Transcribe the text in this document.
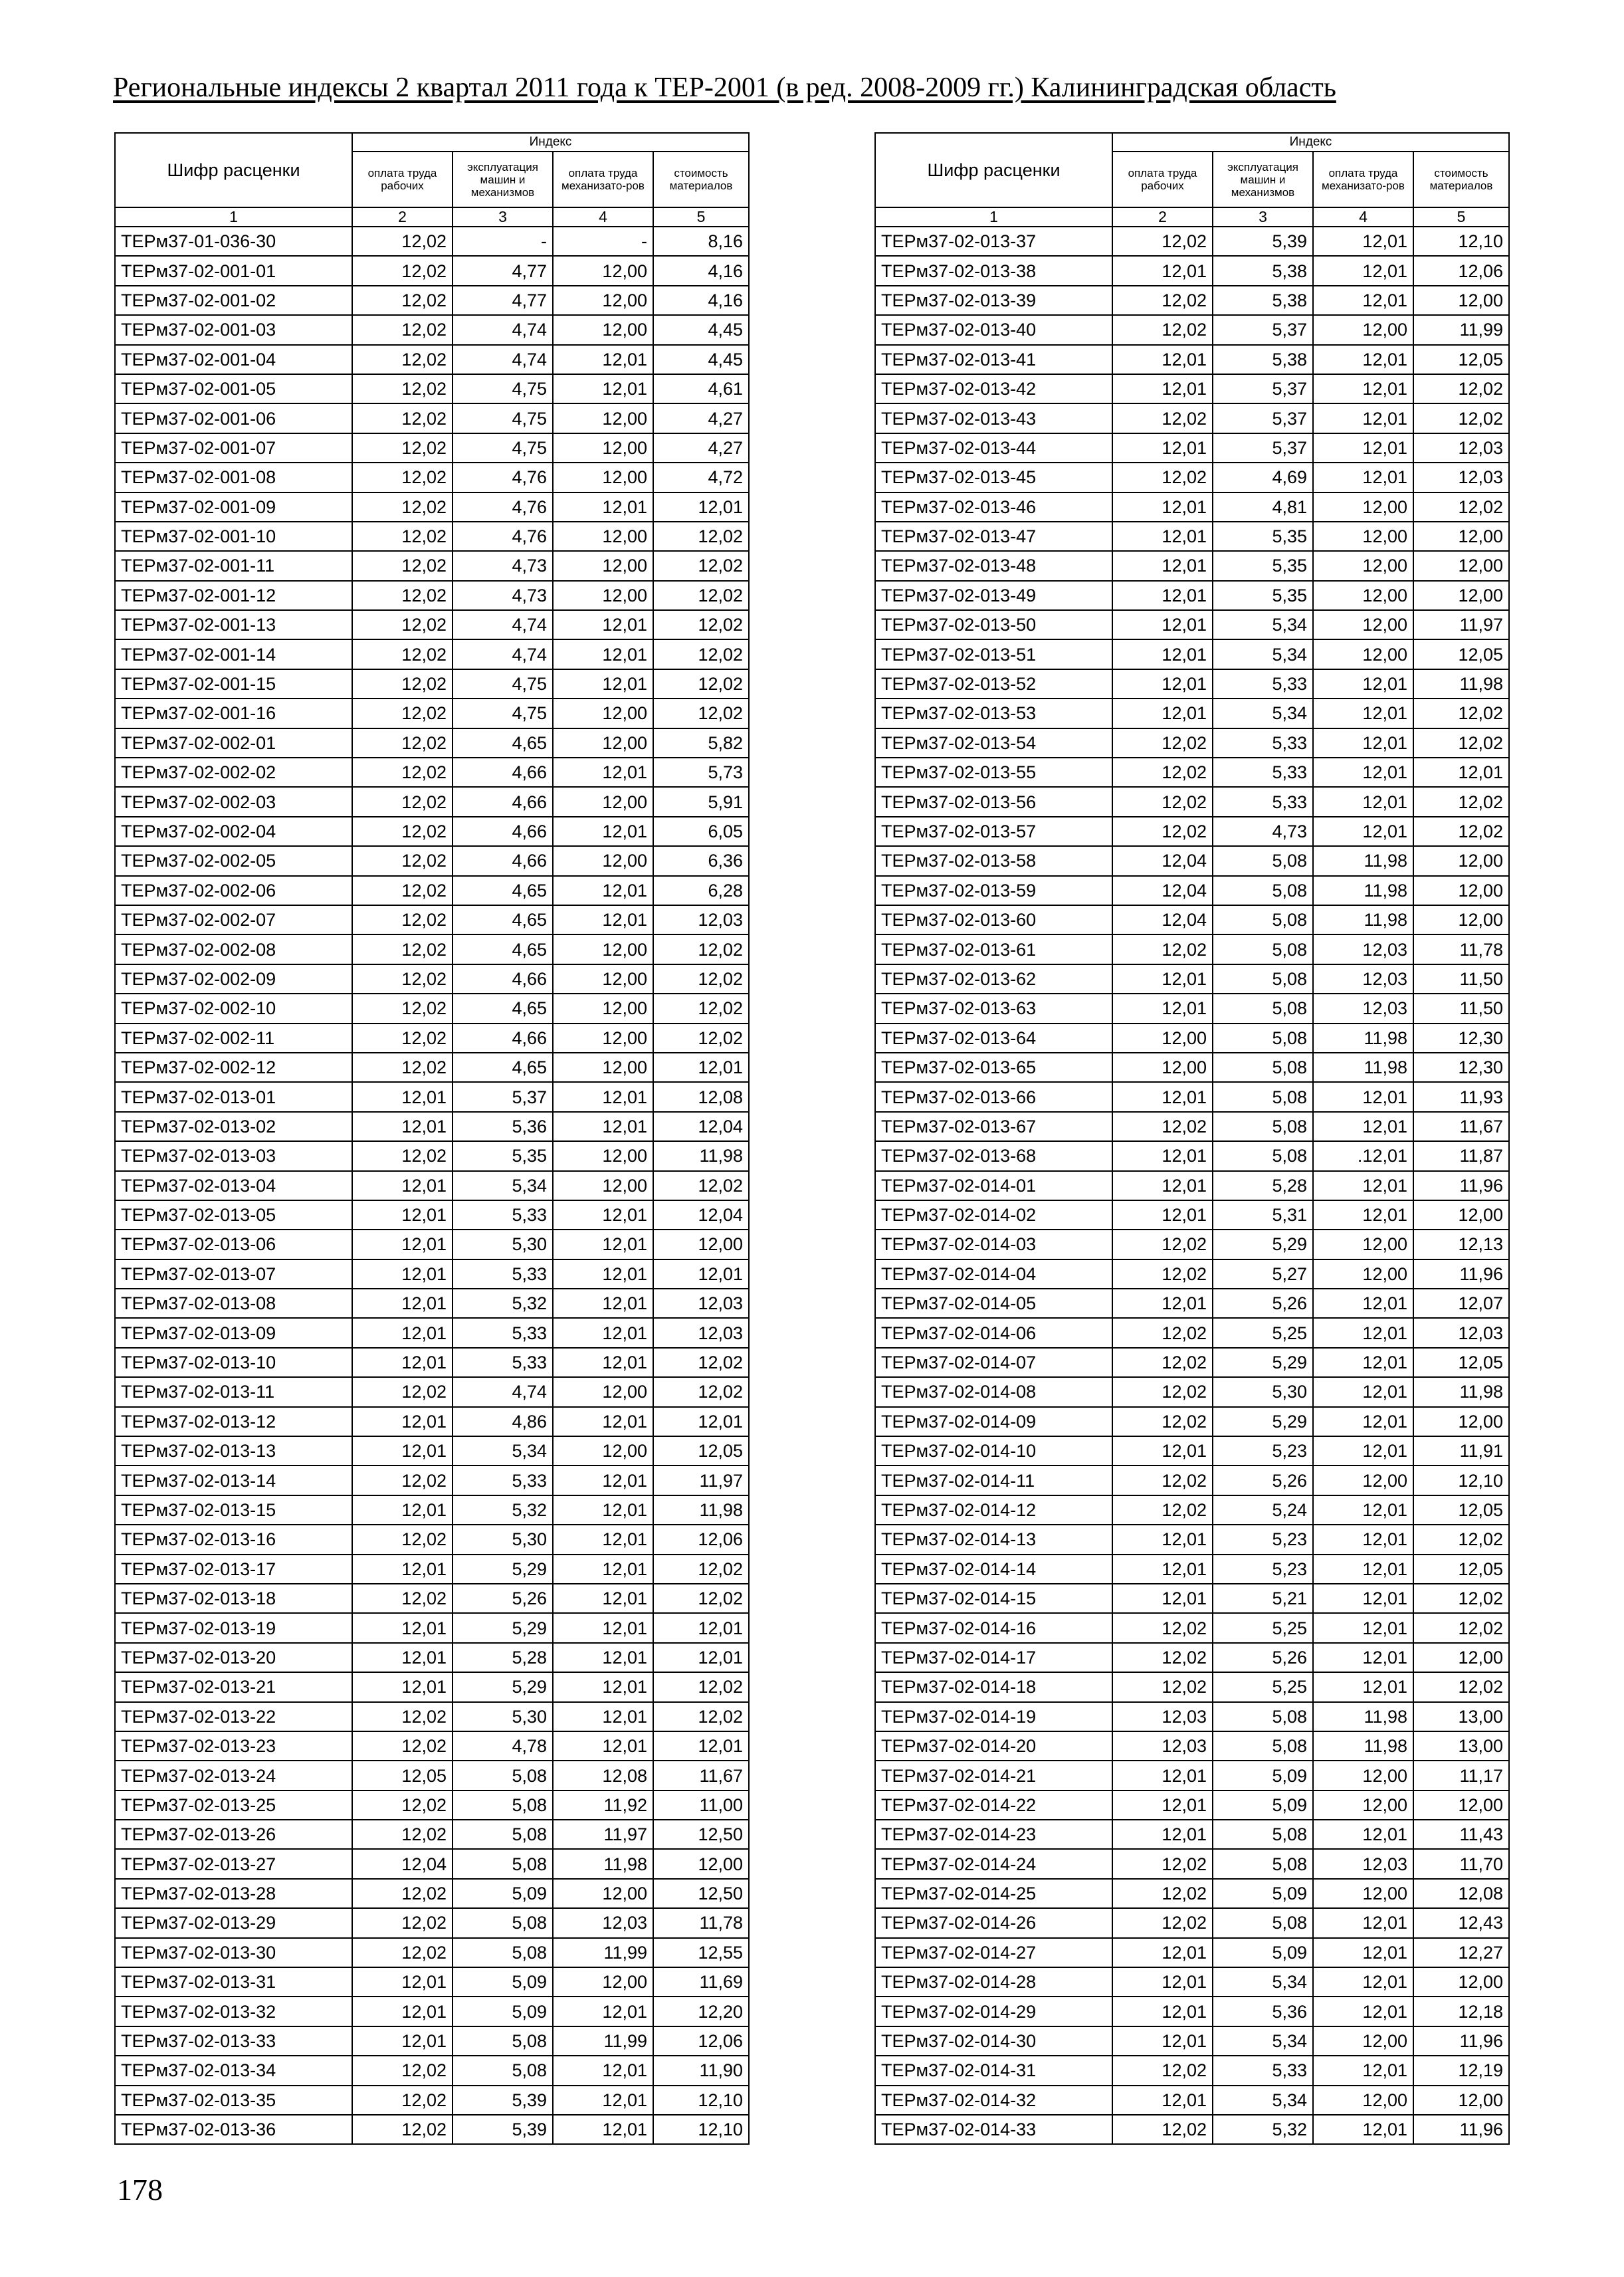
Региональные индексы 2 квартал 2011 года к ТЕР-2001 (в ред. 2008-2009 гг.) Калининградская область
Шифр расценки	Индекс			
	оплата труда рабочих	эксплуатация машин и механизмов	оплата труда механизато-ров	стоимость материалов
1	2	3	4	5
ТЕРм37-01-036-30	12,02	-	-	8,16
ТЕРм37-02-001-01	12,02	4,77	12,00	4,16
ТЕРм37-02-001-02	12,02	4,77	12,00	4,16
ТЕРм37-02-001-03	12,02	4,74	12,00	4,45
ТЕРм37-02-001-04	12,02	4,74	12,01	4,45
ТЕРм37-02-001-05	12,02	4,75	12,01	4,61
ТЕРм37-02-001-06	12,02	4,75	12,00	4,27
ТЕРм37-02-001-07	12,02	4,75	12,00	4,27
ТЕРм37-02-001-08	12,02	4,76	12,00	4,72
ТЕРм37-02-001-09	12,02	4,76	12,01	12,01
ТЕРм37-02-001-10	12,02	4,76	12,00	12,02
ТЕРм37-02-001-11	12,02	4,73	12,00	12,02
ТЕРм37-02-001-12	12,02	4,73	12,00	12,02
ТЕРм37-02-001-13	12,02	4,74	12,01	12,02
ТЕРм37-02-001-14	12,02	4,74	12,01	12,02
ТЕРм37-02-001-15	12,02	4,75	12,01	12,02
ТЕРм37-02-001-16	12,02	4,75	12,00	12,02
ТЕРм37-02-002-01	12,02	4,65	12,00	5,82
ТЕРм37-02-002-02	12,02	4,66	12,01	5,73
ТЕРм37-02-002-03	12,02	4,66	12,00	5,91
ТЕРм37-02-002-04	12,02	4,66	12,01	6,05
ТЕРм37-02-002-05	12,02	4,66	12,00	6,36
ТЕРм37-02-002-06	12,02	4,65	12,01	6,28
ТЕРм37-02-002-07	12,02	4,65	12,01	12,03
ТЕРм37-02-002-08	12,02	4,65	12,00	12,02
ТЕРм37-02-002-09	12,02	4,66	12,00	12,02
ТЕРм37-02-002-10	12,02	4,65	12,00	12,02
ТЕРм37-02-002-11	12,02	4,66	12,00	12,02
ТЕРм37-02-002-12	12,02	4,65	12,00	12,01
ТЕРм37-02-013-01	12,01	5,37	12,01	12,08
ТЕРм37-02-013-02	12,01	5,36	12,01	12,04
ТЕРм37-02-013-03	12,02	5,35	12,00	11,98
ТЕРм37-02-013-04	12,01	5,34	12,00	12,02
ТЕРм37-02-013-05	12,01	5,33	12,01	12,04
ТЕРм37-02-013-06	12,01	5,30	12,01	12,00
ТЕРм37-02-013-07	12,01	5,33	12,01	12,01
ТЕРм37-02-013-08	12,01	5,32	12,01	12,03
ТЕРм37-02-013-09	12,01	5,33	12,01	12,03
ТЕРм37-02-013-10	12,01	5,33	12,01	12,02
ТЕРм37-02-013-11	12,02	4,74	12,00	12,02
ТЕРм37-02-013-12	12,01	4,86	12,01	12,01
ТЕРм37-02-013-13	12,01	5,34	12,00	12,05
ТЕРм37-02-013-14	12,02	5,33	12,01	11,97
ТЕРм37-02-013-15	12,01	5,32	12,01	11,98
ТЕРм37-02-013-16	12,02	5,30	12,01	12,06
ТЕРм37-02-013-17	12,01	5,29	12,01	12,02
ТЕРм37-02-013-18	12,02	5,26	12,01	12,02
ТЕРм37-02-013-19	12,01	5,29	12,01	12,01
ТЕРм37-02-013-20	12,01	5,28	12,01	12,01
ТЕРм37-02-013-21	12,01	5,29	12,01	12,02
ТЕРм37-02-013-22	12,02	5,30	12,01	12,02
ТЕРм37-02-013-23	12,02	4,78	12,01	12,01
ТЕРм37-02-013-24	12,05	5,08	12,08	11,67
ТЕРм37-02-013-25	12,02	5,08	11,92	11,00
ТЕРм37-02-013-26	12,02	5,08	11,97	12,50
ТЕРм37-02-013-27	12,04	5,08	11,98	12,00
ТЕРм37-02-013-28	12,02	5,09	12,00	12,50
ТЕРм37-02-013-29	12,02	5,08	12,03	11,78
ТЕРм37-02-013-30	12,02	5,08	11,99	12,55
ТЕРм37-02-013-31	12,01	5,09	12,00	11,69
ТЕРм37-02-013-32	12,01	5,09	12,01	12,20
ТЕРм37-02-013-33	12,01	5,08	11,99	12,06
ТЕРм37-02-013-34	12,02	5,08	12,01	11,90
ТЕРм37-02-013-35	12,02	5,39	12,01	12,10
ТЕРм37-02-013-36	12,02	5,39	12,01	12,10
Шифр расценки	Индекс			
	оплата труда рабочих	эксплуатация машин и механизмов	оплата труда механизато-ров	стоимость материалов
1	2	3	4	5
ТЕРм37-02-013-37	12,02	5,39	12,01	12,10
ТЕРм37-02-013-38	12,01	5,38	12,01	12,06
ТЕРм37-02-013-39	12,02	5,38	12,01	12,00
ТЕРм37-02-013-40	12,02	5,37	12,00	11,99
ТЕРм37-02-013-41	12,01	5,38	12,01	12,05
ТЕРм37-02-013-42	12,01	5,37	12,01	12,02
ТЕРм37-02-013-43	12,02	5,37	12,01	12,02
ТЕРм37-02-013-44	12,01	5,37	12,01	12,03
ТЕРм37-02-013-45	12,02	4,69	12,01	12,03
ТЕРм37-02-013-46	12,01	4,81	12,00	12,02
ТЕРм37-02-013-47	12,01	5,35	12,00	12,00
ТЕРм37-02-013-48	12,01	5,35	12,00	12,00
ТЕРм37-02-013-49	12,01	5,35	12,00	12,00
ТЕРм37-02-013-50	12,01	5,34	12,00	11,97
ТЕРм37-02-013-51	12,01	5,34	12,00	12,05
ТЕРм37-02-013-52	12,01	5,33	12,01	11,98
ТЕРм37-02-013-53	12,01	5,34	12,01	12,02
ТЕРм37-02-013-54	12,02	5,33	12,01	12,02
ТЕРм37-02-013-55	12,02	5,33	12,01	12,01
ТЕРм37-02-013-56	12,02	5,33	12,01	12,02
ТЕРм37-02-013-57	12,02	4,73	12,01	12,02
ТЕРм37-02-013-58	12,04	5,08	11,98	12,00
ТЕРм37-02-013-59	12,04	5,08	11,98	12,00
ТЕРм37-02-013-60	12,04	5,08	11,98	12,00
ТЕРм37-02-013-61	12,02	5,08	12,03	11,78
ТЕРм37-02-013-62	12,01	5,08	12,03	11,50
ТЕРм37-02-013-63	12,01	5,08	12,03	11,50
ТЕРм37-02-013-64	12,00	5,08	11,98	12,30
ТЕРм37-02-013-65	12,00	5,08	11,98	12,30
ТЕРм37-02-013-66	12,01	5,08	12,01	11,93
ТЕРм37-02-013-67	12,02	5,08	12,01	11,67
ТЕРм37-02-013-68	12,01	5,08	.12,01	11,87
ТЕРм37-02-014-01	12,01	5,28	12,01	11,96
ТЕРм37-02-014-02	12,01	5,31	12,01	12,00
ТЕРм37-02-014-03	12,02	5,29	12,00	12,13
ТЕРм37-02-014-04	12,02	5,27	12,00	11,96
ТЕРм37-02-014-05	12,01	5,26	12,01	12,07
ТЕРм37-02-014-06	12,02	5,25	12,01	12,03
ТЕРм37-02-014-07	12,02	5,29	12,01	12,05
ТЕРм37-02-014-08	12,02	5,30	12,01	11,98
ТЕРм37-02-014-09	12,02	5,29	12,01	12,00
ТЕРм37-02-014-10	12,01	5,23	12,01	11,91
ТЕРм37-02-014-11	12,02	5,26	12,00	12,10
ТЕРм37-02-014-12	12,02	5,24	12,01	12,05
ТЕРм37-02-014-13	12,01	5,23	12,01	12,02
ТЕРм37-02-014-14	12,01	5,23	12,01	12,05
ТЕРм37-02-014-15	12,01	5,21	12,01	12,02
ТЕРм37-02-014-16	12,02	5,25	12,01	12,02
ТЕРм37-02-014-17	12,02	5,26	12,01	12,00
ТЕРм37-02-014-18	12,02	5,25	12,01	12,02
ТЕРм37-02-014-19	12,03	5,08	11,98	13,00
ТЕРм37-02-014-20	12,03	5,08	11,98	13,00
ТЕРм37-02-014-21	12,01	5,09	12,00	11,17
ТЕРм37-02-014-22	12,01	5,09	12,00	12,00
ТЕРм37-02-014-23	12,01	5,08	12,01	11,43
ТЕРм37-02-014-24	12,02	5,08	12,03	11,70
ТЕРм37-02-014-25	12,02	5,09	12,00	12,08
ТЕРм37-02-014-26	12,02	5,08	12,01	12,43
ТЕРм37-02-014-27	12,01	5,09	12,01	12,27
ТЕРм37-02-014-28	12,01	5,34	12,01	12,00
ТЕРм37-02-014-29	12,01	5,36	12,01	12,18
ТЕРм37-02-014-30	12,01	5,34	12,00	11,96
ТЕРм37-02-014-31	12,02	5,33	12,01	12,19
ТЕРм37-02-014-32	12,01	5,34	12,00	12,00
ТЕРм37-02-014-33	12,02	5,32	12,01	11,96
178
